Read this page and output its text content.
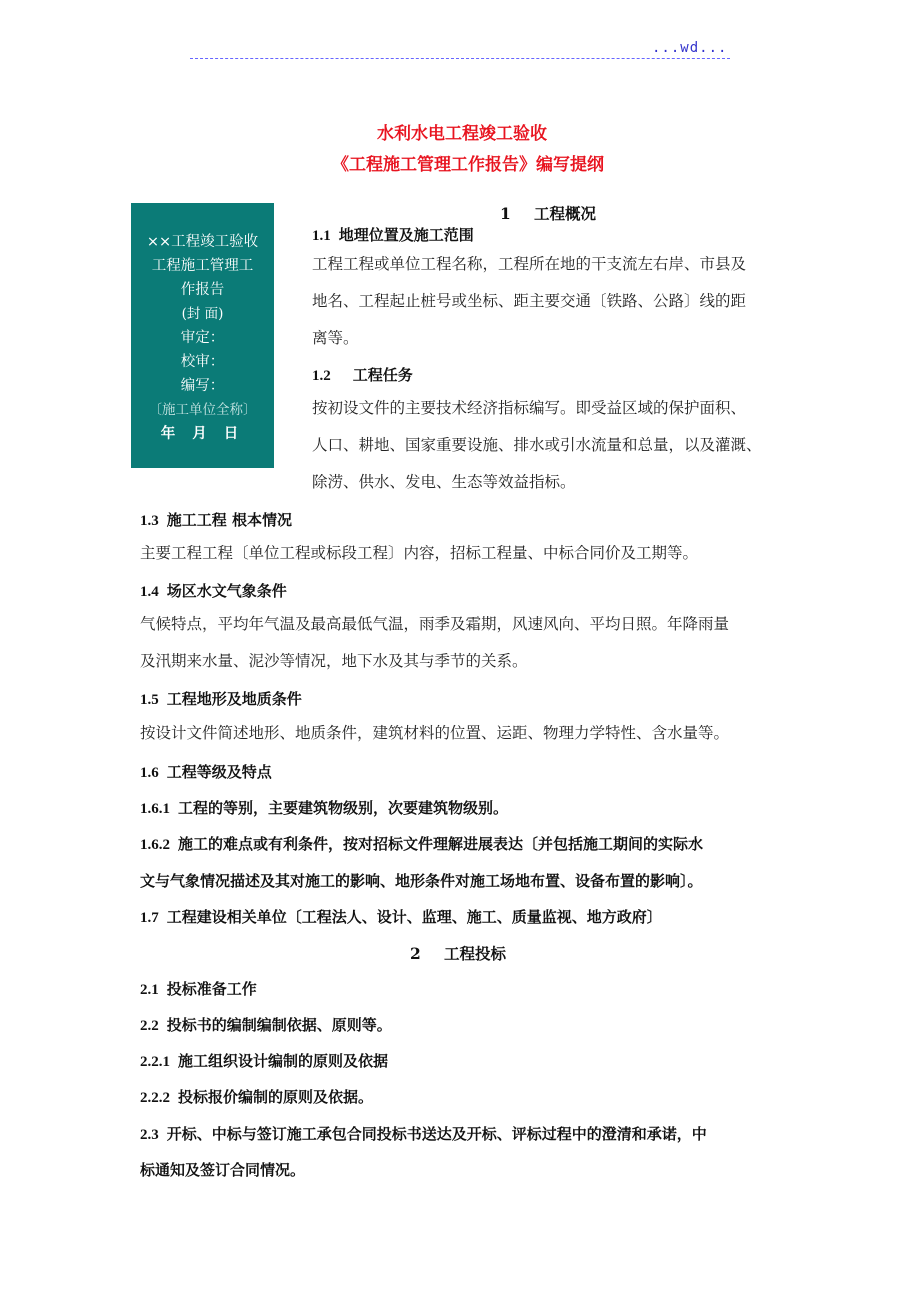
...wd...
水利水电工程竣工验收
《工程施工管理工作报告》编写提纲
××工程竣工验收
工程施工管理工
作报告
(封 面)
审定：
校审：
编写：
〔施工单位全称〕
年 月 日
1 工程概况
1.1 地理位置及施工范围
工程工程或单位工程名称，工程所在地的干支流左右岸、市县及
地名、工程起止桩号或坐标、距主要交通〔铁路、公路〕线的距
离等。
1.2 工程任务
按初设文件的主要技术经济指标编写。即受益区域的保护面积、
人口、耕地、国家重要设施、排水或引水流量和总量，以及灌溉、
除涝、供水、发电、生态等效益指标。
1.3 施工工程 根本情况
主要工程工程〔单位工程或标段工程〕内容，招标工程量、中标合同价及工期等。
1.4 场区水文气象条件
气候特点，平均年气温及最高最低气温，雨季及霜期，风速风向、平均日照。年降雨量
及汛期来水量、泥沙等情况，地下水及其与季节的关系。
1.5 工程地形及地质条件
按设计文件简述地形、地质条件，建筑材料的位置、运距、物理力学特性、含水量等。
1.6 工程等级及特点
1.6.1 工程的等别，主要建筑物级别，次要建筑物级别。
1.6.2 施工的难点或有利条件，按对招标文件理解进展表达〔并包括施工期间的实际水
文与气象情况描述及其对施工的影响、地形条件对施工场地布置、设备布置的影响〕。
1.7 工程建设相关单位〔工程法人、设计、监理、施工、质量监视、地方政府〕
2 工程投标
2.1 投标准备工作
2.2 投标书的编制编制依据、原则等。
2.2.1 施工组织设计编制的原则及依据
2.2.2 投标报价编制的原则及依据。
2.3 开标、中标与签订施工承包合同投标书送达及开标、评标过程中的澄清和承诺，中
标通知及签订合同情况。
